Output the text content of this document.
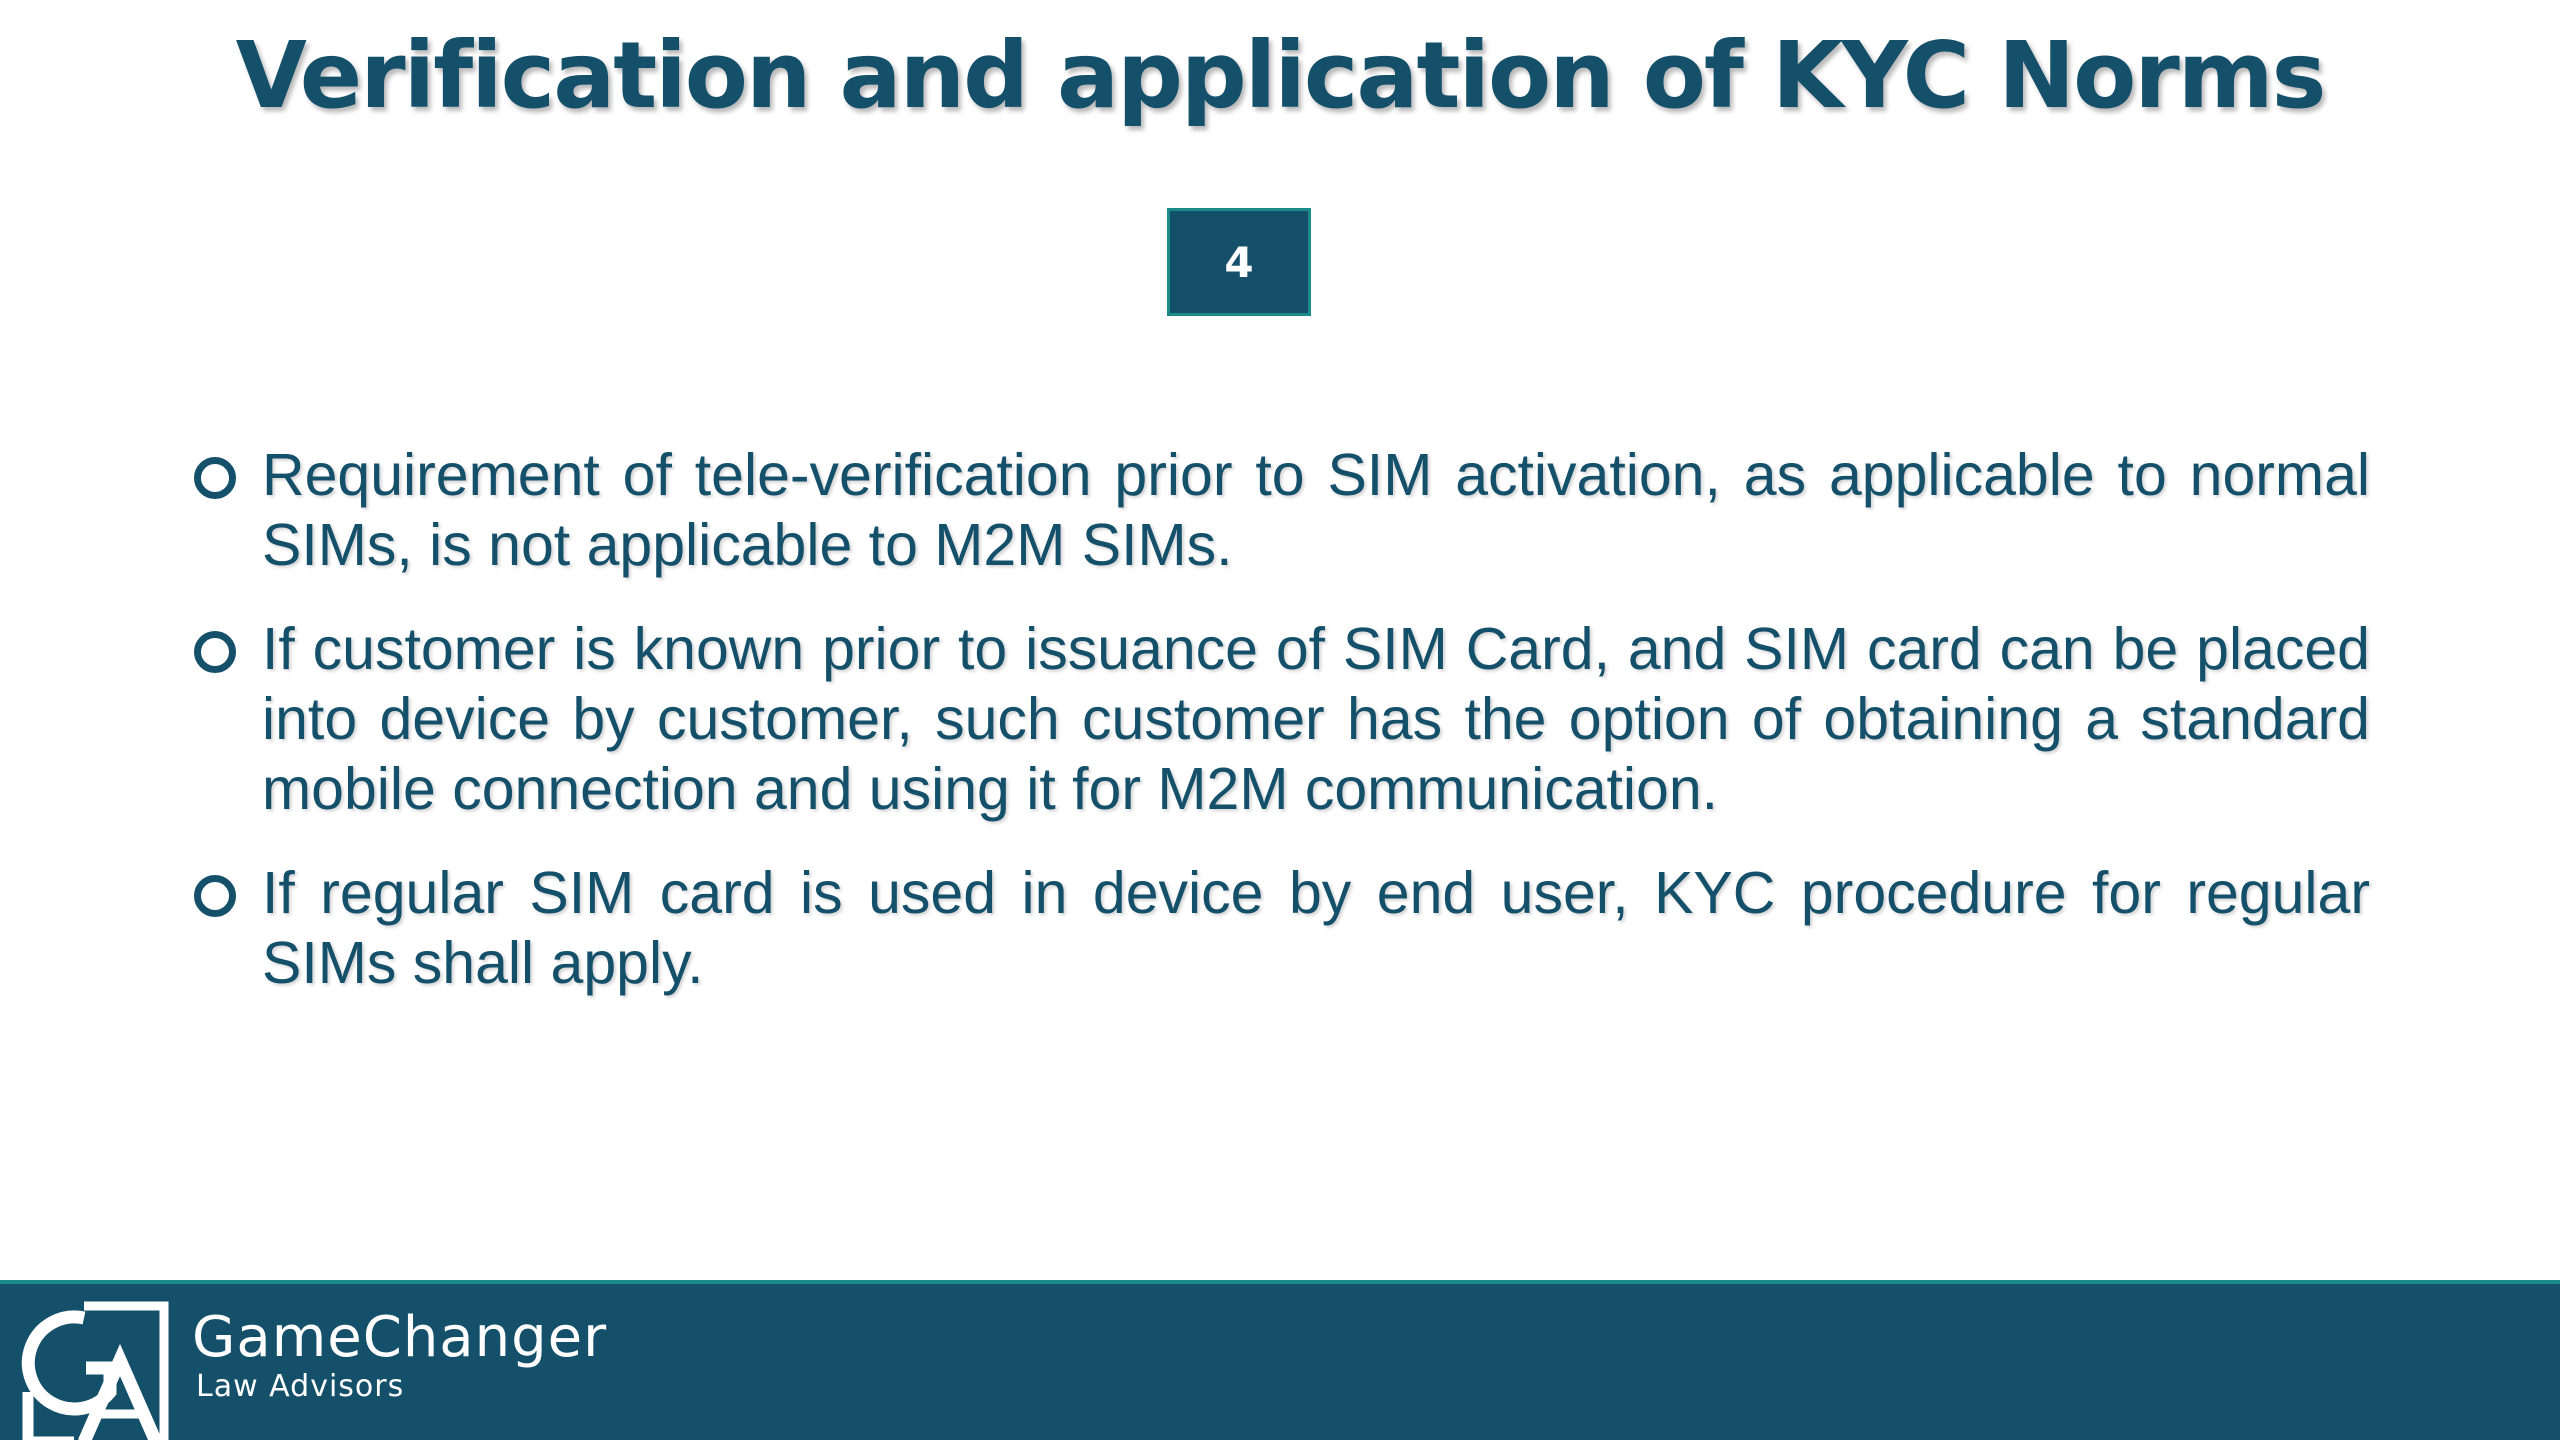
Verification and application of KYC Norms
4
Requirement of tele-verification prior to SIM activation, as applicable to normal SIMs, is not applicable to M2M SIMs.
If customer is known prior to issuance of SIM Card, and SIM card can be placed into device by customer, such customer has the option of obtaining a standard mobile connection and using it for M2M communication.
If regular SIM card is used in device by end user, KYC procedure for regular SIMs shall apply.
GameChanger
Law Advisors
